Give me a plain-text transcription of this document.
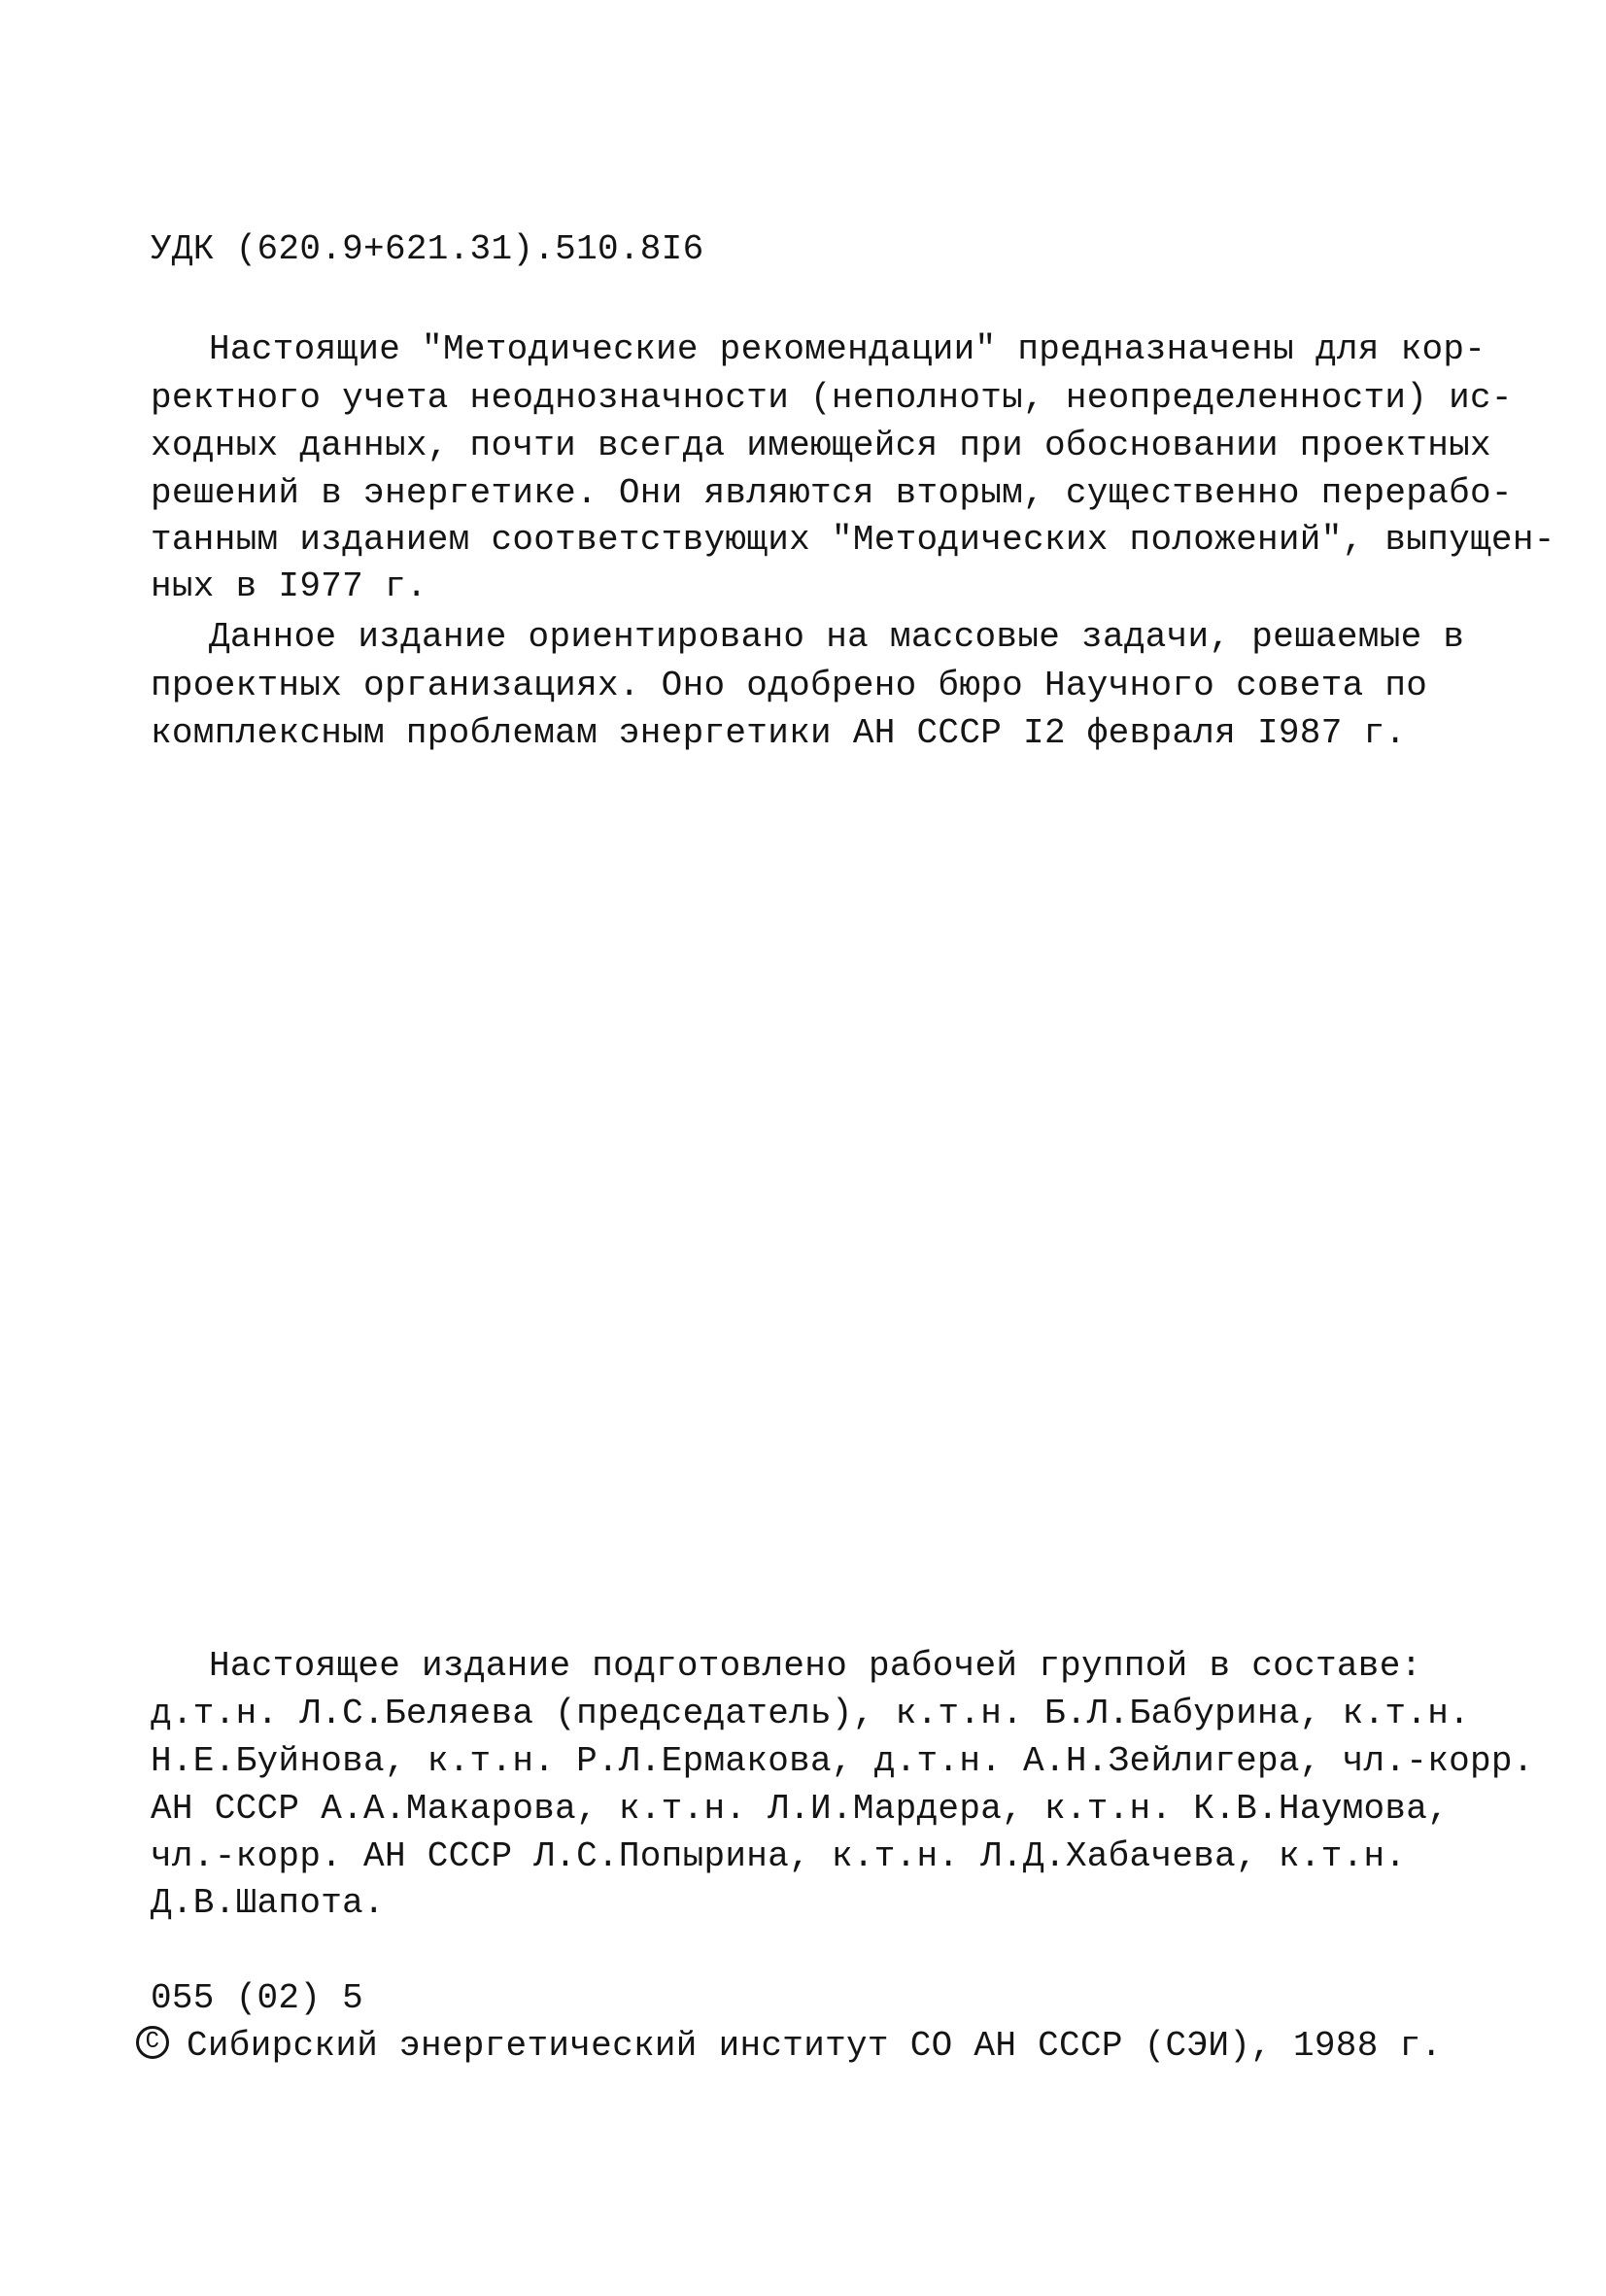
УДК (620.9+621.31).510.8I6

Настоящие "Методические рекомендации" предназначены для кор-

ректного учета неоднозначности (неполноты, неопределенности) ис-

ходных данных, почти всегда имеющейся при обосновании проектных

решений в энергетике. Они являются вторым, существенно перерабо-

танным изданием соответствующих "Методических положений", выпущен-

ных в I977 г.

Данное издание ориентировано на массовые задачи, решаемые в

проектных организациях. Оно одобрено бюро Научного совета по

комплексным проблемам энергетики АН СССР I2 февраля I987 г.

Настоящее издание подготовлено рабочей группой в составе:

д.т.н. Л.С.Беляева (председатель), к.т.н. Б.Л.Бабурина, к.т.н.

Н.Е.Буйнова, к.т.н. Р.Л.Ермакова, д.т.н. А.Н.Зейлигера, чл.-корр.

АН СССР А.А.Макарова, к.т.н. Л.И.Мардера, к.т.н. К.В.Наумова,

чл.-корр. АН СССР Л.С.Попырина, к.т.н. Л.Д.Хабачева, к.т.н.

Д.В.Шапота.

055 (02) 5
C Сибирский энергетический институт СО АН СССР (СЭИ), 1988 г.
